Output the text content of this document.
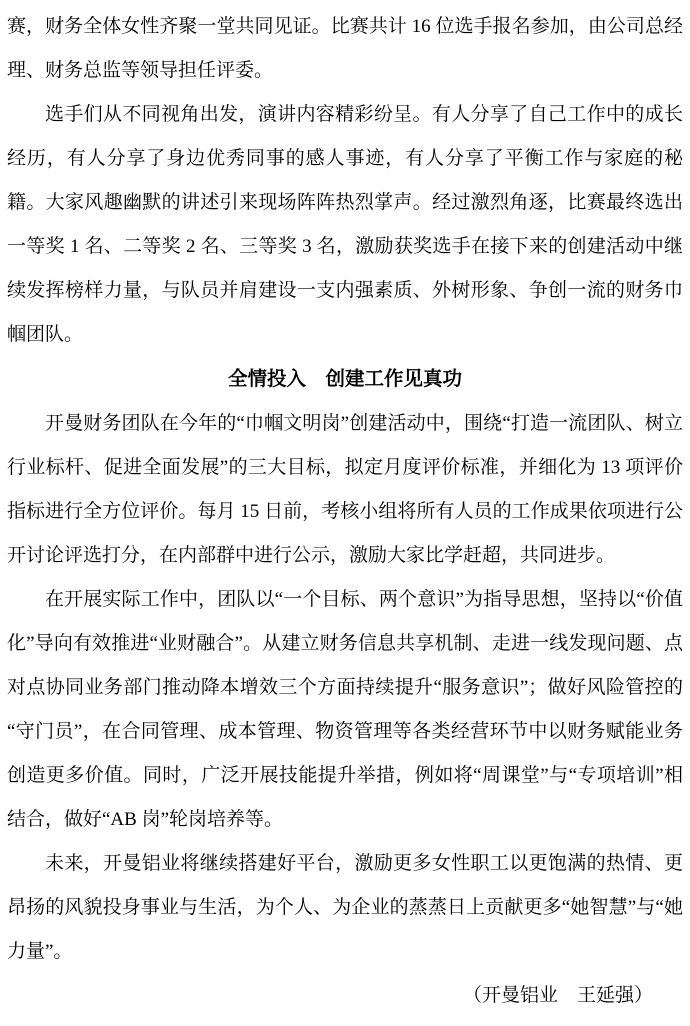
赛，财务全体女性齐聚一堂共同见证。比赛共计 16 位选手报名参加，由公司总经理、财务总监等领导担任评委。

选手们从不同视角出发，演讲内容精彩纷呈。有人分享了自己工作中的成长经历，有人分享了身边优秀同事的感人事迹，有人分享了平衡工作与家庭的秘籍。大家风趣幽默的讲述引来现场阵阵热烈掌声。经过激烈角逐，比赛最终选出一等奖 1 名、二等奖 2 名、三等奖 3 名，激励获奖选手在接下来的创建活动中继续发挥榜样力量，与队员并肩建设一支内强素质、外树形象、争创一流的财务巾帼团队。

全情投入　创建工作见真功

开曼财务团队在今年的“巾帼文明岗”创建活动中，围绕“打造一流团队、树立行业标杆、促进全面发展”的三大目标，拟定月度评价标准，并细化为 13 项评价指标进行全方位评价。每月 15 日前，考核小组将所有人员的工作成果依项进行公开讨论评选打分，在内部群中进行公示，激励大家比学赶超，共同进步。

在开展实际工作中，团队以“一个目标、两个意识”为指导思想，坚持以“价值化”导向有效推进“业财融合”。从建立财务信息共享机制、走进一线发现问题、点对点协同业务部门推动降本增效三个方面持续提升“服务意识”；做好风险管控的“守门员”，在合同管理、成本管理、物资管理等各类经营环节中以财务赋能业务创造更多价值。同时，广泛开展技能提升举措，例如将“周课堂”与“专项培训”相结合，做好“AB 岗”轮岗培养等。

未来，开曼铝业将继续搭建好平台，激励更多女性职工以更饱满的热情、更昂扬的风貌投身事业与生活，为个人、为企业的蒸蒸日上贡献更多“她智慧”与“她力量”。

（开曼铝业　王延强）
